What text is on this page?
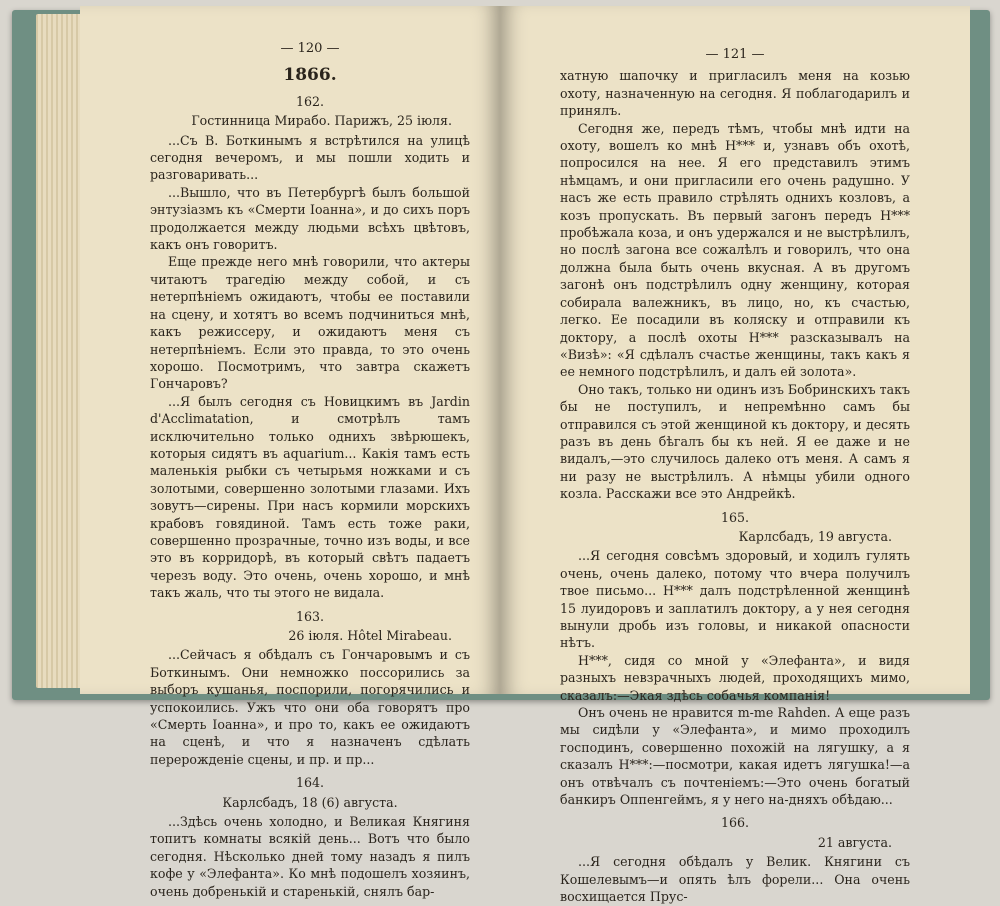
— 120 —
1866.
162.
Гостинница Мирабо. Парижъ, 25 іюля.

...Съ В. Боткинымъ я встрѣтился на улицѣ сегодня вечеромъ, и мы пошли ходить и разговаривать...

...Вышло, что въ Петербургѣ былъ большой энтузіазмъ къ «Смерти Іоанна», и до сихъ поръ продолжается между людьми всѣхъ цвѣтовъ, какъ онъ говоритъ.

Еще прежде него мнѣ говорили, что актеры читаютъ трагедію между собой, и съ нетерпѣніемъ ожидаютъ, чтобы ее поставили на сцену, и хотятъ во всемъ подчиниться мнѣ, какъ режиссеру, и ожидаютъ меня съ нетерпѣніемъ. Если это правда, то это очень хорошо. Посмотримъ, что завтра скажетъ Гончаровъ?

...Я былъ сегодня съ Новицкимъ въ Jardin d'Acclimatation, и смотрѣлъ тамъ исключительно только однихъ звѣрюшекъ, которыя сидятъ въ aquarium... Какія тамъ есть маленькія рыбки съ четырьмя ножками и съ золотыми, совершенно золотыми глазами. Ихъ зовутъ—сирены. При насъ кормили морскихъ крабовъ говядиной. Тамъ есть тоже раки, совершенно прозрачные, точно изъ воды, и все это въ корридорѣ, въ который свѣтъ падаетъ черезъ воду. Это очень, очень хорошо, и мнѣ такъ жаль, что ты этого не видала.

163.
26 іюля. Hôtel Mirabeau.

...Сейчасъ я обѣдалъ съ Гончаровымъ и съ Боткинымъ. Они немножко поссорились за выборъ кушанья, поспорили, погорячились и успокоились. Ужъ что они оба говорятъ про «Смерть Іоанна», и про то, какъ ее ожидаютъ на сценѣ, и что я назначенъ сдѣлать перерожденіе сцены, и пр. и пр...

164.
Карлсбадъ, 18 (6) августа.

...Здѣсь очень холодно, и Великая Княгиня топитъ комнаты всякій день... Вотъ что было сегодня. Нѣсколько дней тому назадъ я пилъ кофе у «Элефанта». Ко мнѣ подошелъ хозяинъ, очень добренькій и старенькій, снялъ бар-

— 121 —

хатную шапочку и пригласилъ меня на козью охоту, назначенную на сегодня. Я поблагодарилъ и принялъ.

Сегодня же, передъ тѣмъ, чтобы мнѣ идти на охоту, вошелъ ко мнѣ Н*** и, узнавъ объ охотѣ, попросился на нее. Я его представилъ этимъ нѣмцамъ, и они пригласили его очень радушно. У насъ же есть правило стрѣлять однихъ козловъ, а козъ пропускать. Въ первый загонъ передъ Н*** пробѣжала коза, и онъ удержался и не выстрѣлилъ, но послѣ загона все сожалѣлъ и говорилъ, что она должна была быть очень вкусная. А въ другомъ загонѣ онъ подстрѣлилъ одну женщину, которая собирала валежникъ, въ лицо, но, къ счастью, легко. Ее посадили въ коляску и отправили къ доктору, а послѣ охоты Н*** разсказывалъ на «Визѣ»: «Я сдѣлалъ счастье женщины, такъ какъ я ее немного подстрѣлилъ, и далъ ей золота».

Оно такъ, только ни одинъ изъ Бобринскихъ такъ бы не поступилъ, и непремѣнно самъ бы отправился съ этой женщиной къ доктору, и десять разъ въ день бѣгалъ бы къ ней. Я ее даже и не видалъ,—это случилось далеко отъ меня. А самъ я ни разу не выстрѣлилъ. А нѣмцы убили одного козла. Расскажи все это Андрейкѣ.

165.
Карлсбадъ, 19 августа.

...Я сегодня совсѣмъ здоровый, и ходилъ гулять очень, очень далеко, потому что вчера получилъ твое письмо... Н*** далъ подстрѣленной женщинѣ 15 луидоровъ и заплатилъ доктору, а у нея сегодня вынули дробь изъ головы, и никакой опасности нѣтъ.

Н***, сидя со мной у «Элефанта», и видя разныхъ невзрачныхъ людей, проходящихъ мимо, сказалъ:—Экая здѣсь собачья компанія!

Онъ очень не нравится m-me Rahden. А еще разъ мы сидѣли у «Элефанта», и мимо проходилъ господинъ, совершенно похожій на лягушку, а я сказалъ Н***:—посмотри, какая идетъ лягушка!—а онъ отвѣчалъ съ почтеніемъ:—Это очень богатый банкиръ Оппенгеймъ, я у него на-дняхъ обѣдаю...

166.
21 августа.

...Я сегодня обѣдалъ у Велик. Княгини съ Кошелевымъ—и опять ѣлъ форели... Она очень восхищается Прус-
